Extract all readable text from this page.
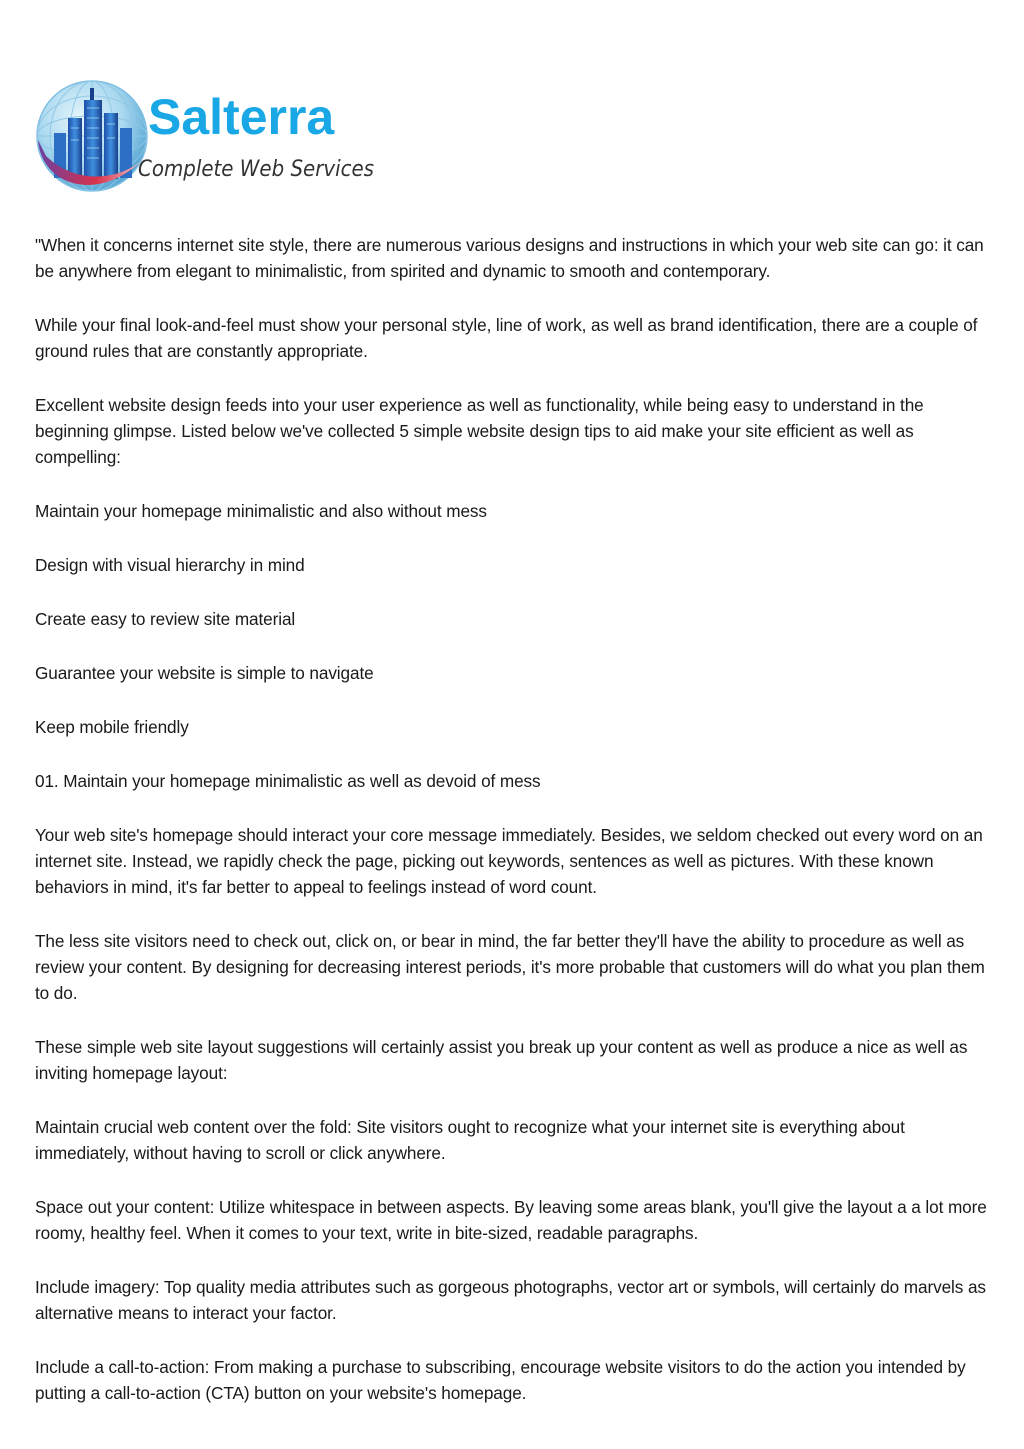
Salterra
Complete Web Services

"When it concerns internet site style, there are numerous various designs and instructions in which your web site can go: it can be anywhere from elegant to minimalistic, from spirited and dynamic to smooth and contemporary.

While your final look-and-feel must show your personal style, line of work, as well as brand identification, there are a couple of ground rules that are constantly appropriate.

Excellent website design feeds into your user experience as well as functionality, while being easy to understand in the beginning glimpse. Listed below we've collected 5 simple website design tips to aid make your site efficient as well as compelling:

Maintain your homepage minimalistic and also without mess

Design with visual hierarchy in mind

Create easy to review site material

Guarantee your website is simple to navigate

Keep mobile friendly

01. Maintain your homepage minimalistic as well as devoid of mess

Your web site's homepage should interact your core message immediately. Besides, we seldom checked out every word on an internet site. Instead, we rapidly check the page, picking out keywords, sentences as well as pictures. With these known behaviors in mind, it's far better to appeal to feelings instead of word count.

The less site visitors need to check out, click on, or bear in mind, the far better they'll have the ability to procedure as well as review your content. By designing for decreasing interest periods, it's more probable that customers will do what you plan them to do.

These simple web site layout suggestions will certainly assist you break up your content as well as produce a nice as well as inviting homepage layout:

Maintain crucial web content over the fold: Site visitors ought to recognize what your internet site is everything about immediately, without having to scroll or click anywhere.

Space out your content: Utilize whitespace in between aspects. By leaving some areas blank, you'll give the layout a a lot more roomy, healthy feel. When it comes to your text, write in bite-sized, readable paragraphs.

Include imagery: Top quality media attributes such as gorgeous photographs, vector art or symbols, will certainly do marvels as alternative means to interact your factor.

Include a call-to-action: From making a purchase to subscribing, encourage website visitors to do the action you intended by putting a call-to-action (CTA) button on your website's homepage.
